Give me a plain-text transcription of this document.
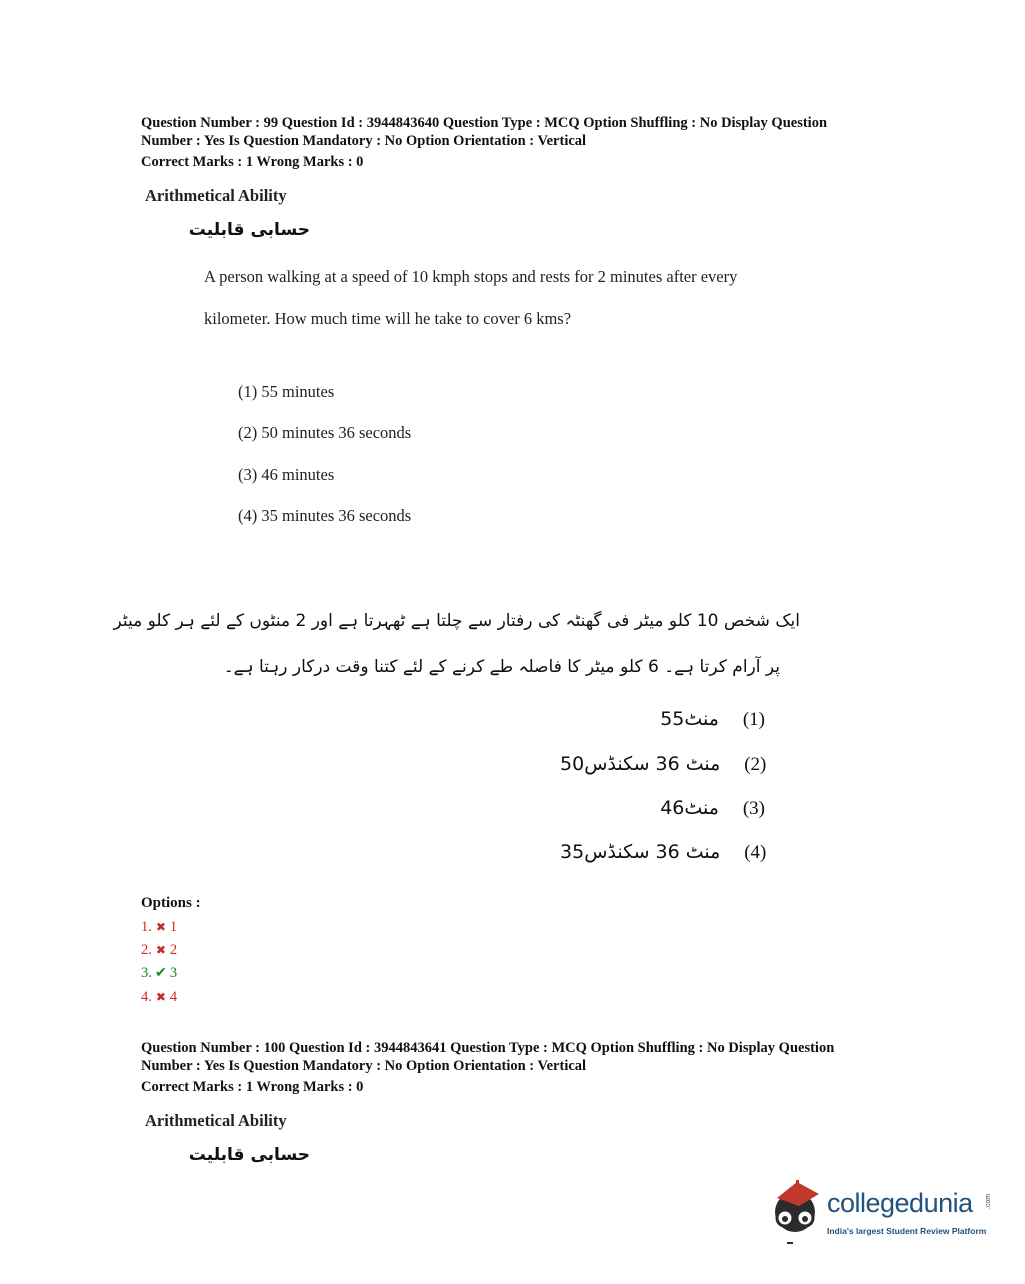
Question Number : 99 Question Id : 3944843640 Question Type : MCQ Option Shuffling : No Display Question
Number : Yes Is Question Mandatory : No Option Orientation : Vertical
Correct Marks : 1 Wrong Marks : 0
Arithmetical Ability
حسابی قابلیت
A person walking at a speed of 10 kmph stops and rests for 2 minutes after every
kilometer. How much time will he take to cover 6 kms?
(1) 55 minutes
(2) 50 minutes 36 seconds
(3) 46 minutes
(4) 35 minutes 36 seconds
ایک شخص 10 کلو میٹر فی گھنٹہ کی رفتار سے چلتا ہے ٹھہرتا ہے اور 2 منٹوں کے لئے ہر کلو میٹر
پر آرام کرتا ہے۔ 6 کلو میٹر کا فاصلہ طے کرنے کے لئے کتنا وقت درکار رہتا ہے۔
55منٹ (1)
50منٹ 36 سکنڈس (2)
46منٹ (3)
35منٹ 36 سکنڈس (4)
Options :
1. ✖ 1
2. ✖ 2
3. ✔ 3
4. ✖ 4
Question Number : 100 Question Id : 3944843641 Question Type : MCQ Option Shuffling : No Display Question
Number : Yes Is Question Mandatory : No Option Orientation : Vertical
Correct Marks : 1 Wrong Marks : 0
Arithmetical Ability
حسابی قابلیت
collegedunia .com
India's largest Student Review Platform
